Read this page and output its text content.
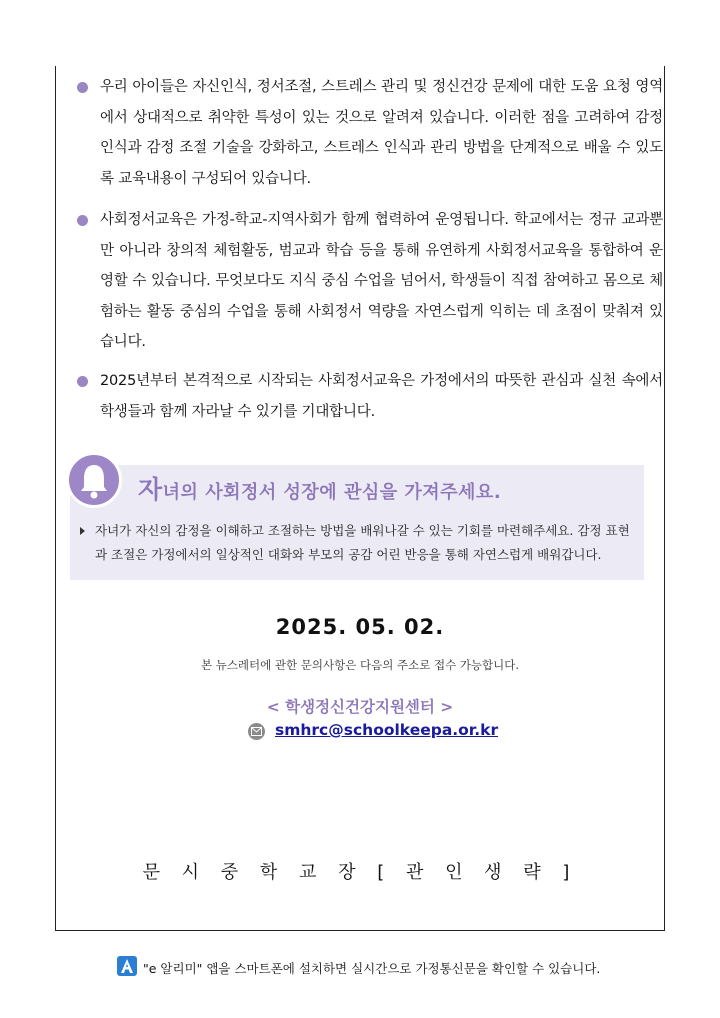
우리 아이들은 자신인식, 정서조절, 스트레스 관리 및 정신건강 문제에 대한 도움 요청 영역에서 상대적으로 취약한 특성이 있는 것으로 알려져 있습니다. 이러한 점을 고려하여 감정인식과 감정 조절 기술을 강화하고, 스트레스 인식과 관리 방법을 단계적으로 배울 수 있도록 교육내용이 구성되어 있습니다.
사회정서교육은 가정-학교-지역사회가 함께 협력하여 운영됩니다. 학교에서는 정규 교과뿐만 아니라 창의적 체험활동, 범교과 학습 등을 통해 유연하게 사회정서교육을 통합하여 운영할 수 있습니다. 무엇보다도 지식 중심 수업을 넘어서, 학생들이 직접 참여하고 몸으로 체험하는 활동 중심의 수업을 통해 사회정서 역량을 자연스럽게 익히는 데 초점이 맞춰져 있습니다.
2025년부터 본격적으로 시작되는 사회정서교육은 가정에서의 따뜻한 관심과 실천 속에서 학생들과 함께 자라날 수 있기를 기대합니다.
자녀의 사회정서 성장에 관심을 가져주세요.
자녀가 자신의 감정을 이해하고 조절하는 방법을 배워나갈 수 있는 기회를 마련해주세요. 감정 표현과 조절은 가정에서의 일상적인 대화와 부모의 공감 어린 반응을 통해 자연스럽게 배워갑니다.
2025. 05. 02.
본 뉴스레터에 관한 문의사항은 다음의 주소로 접수 가능합니다.
< 학생정신건강지원센터 >
smhrc@schoolkeepa.or.kr
문 시 중 학 교 장 [ 관 인 생 략 ]
"e 알리미" 앱을 스마트폰에 설치하면 실시간으로 가정통신문을 확인할 수 있습니다.
